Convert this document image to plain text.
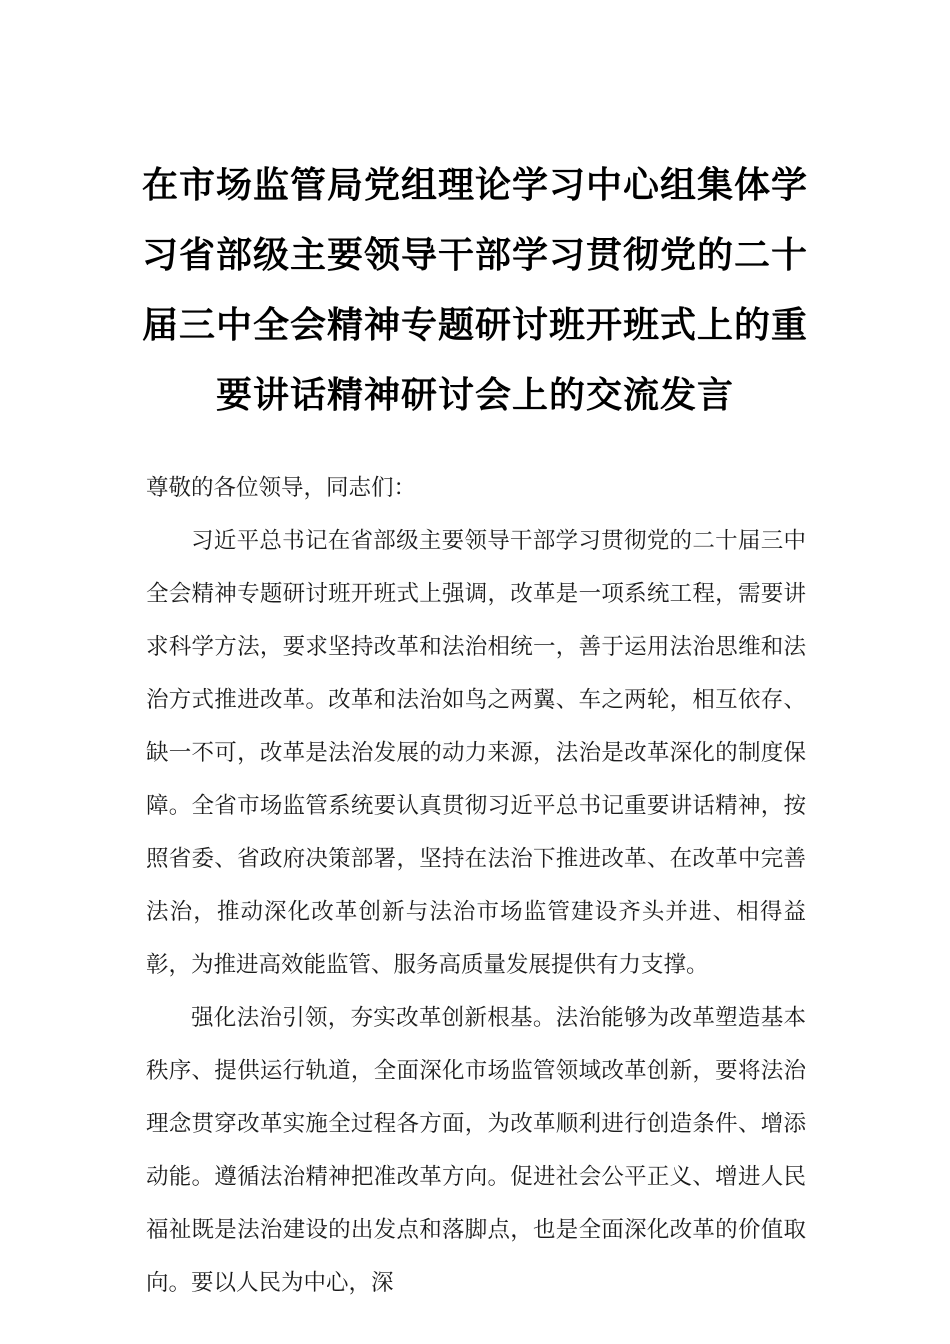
在市场监管局党组理论学习中心组集体学
习省部级主要领导干部学习贯彻党的二十
届三中全会精神专题研讨班开班式上的重
要讲话精神研讨会上的交流发言

尊敬的各位领导，同志们：

习近平总书记在省部级主要领导干部学习贯彻党的二十届三中全会精神专题研讨班开班式上强调，改革是一项系统工程，需要讲求科学方法，要求坚持改革和法治相统一，善于运用法治思维和法治方式推进改革。改革和法治如鸟之两翼、车之两轮，相互依存、缺一不可，改革是法治发展的动力来源，法治是改革深化的制度保障。全省市场监管系统要认真贯彻习近平总书记重要讲话精神，按照省委、省政府决策部署，坚持在法治下推进改革、在改革中完善法治，推动深化改革创新与法治市场监管建设齐头并进、相得益彰，为推进高效能监管、服务高质量发展提供有力支撑。

强化法治引领，夯实改革创新根基。法治能够为改革塑造基本秩序、提供运行轨道，全面深化市场监管领域改革创新，要将法治理念贯穿改革实施全过程各方面，为改革顺利进行创造条件、增添动能。遵循法治精神把准改革方向。促进社会公平正义、增进人民福祉既是法治建设的出发点和落脚点，也是全面深化改革的价值取向。要以人民为中心，深
